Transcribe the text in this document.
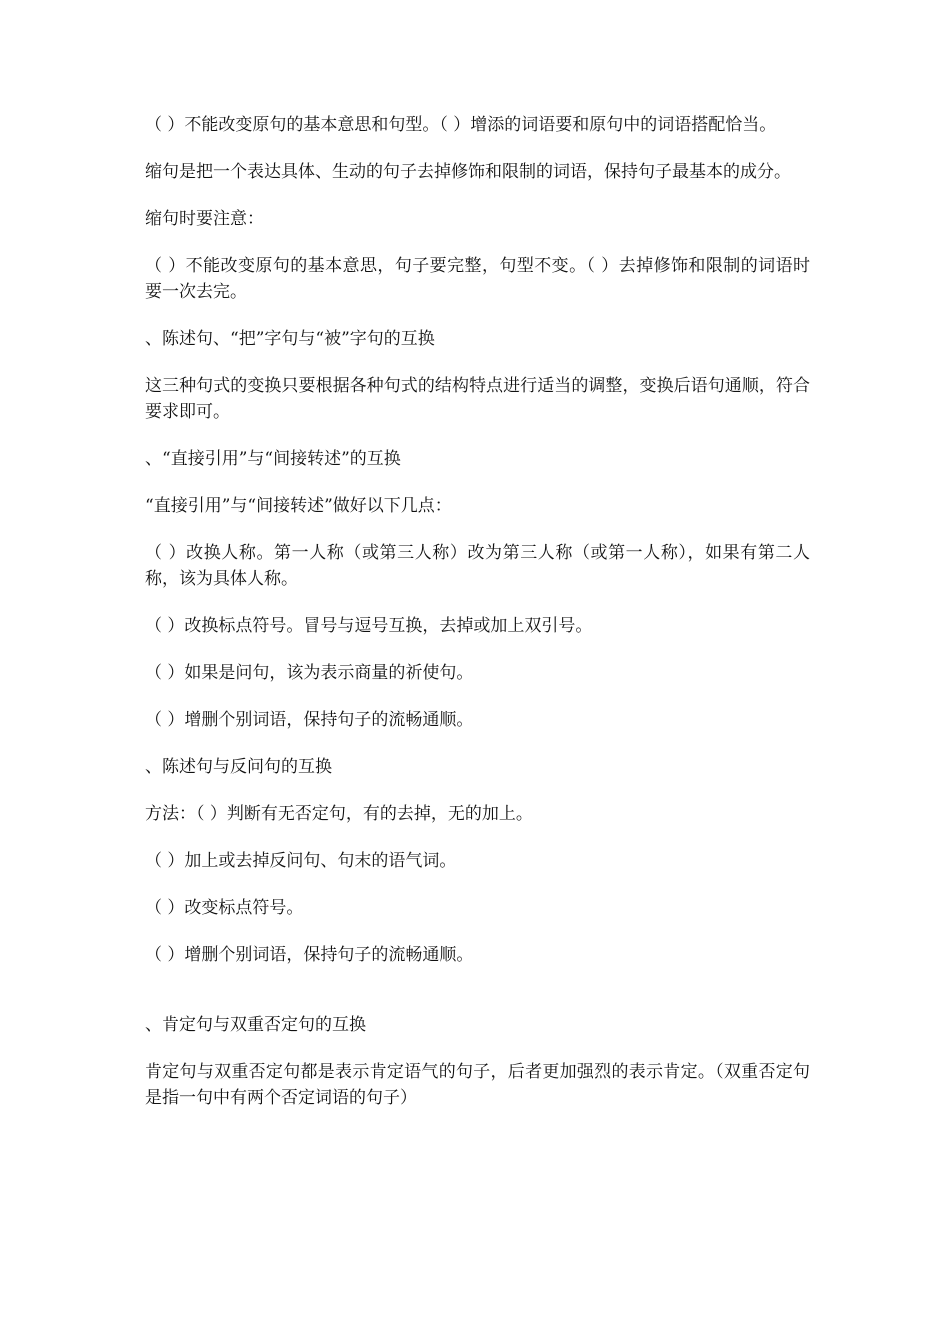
（ ）不能改变原句的基本意思和句型。（ ）增添的词语要和原句中的词语搭配恰当。

缩句是把一个表达具体、生动的句子去掉修饰和限制的词语，保持句子最基本的成分。

缩句时要注意：

（ ）不能改变原句的基本意思，句子要完整，句型不变。（ ）去掉修饰和限制的词语时要一次去完。

、陈述句、“把”字句与“被”字句的互换

这三种句式的变换只要根据各种句式的结构特点进行适当的调整，变换后语句通顺，符合要求即可。

、“直接引用”与“间接转述”的互换

“直接引用”与“间接转述”做好以下几点：

（ ）改换人称。第一人称（或第三人称）改为第三人称（或第一人称），如果有第二人称，该为具体人称。

（ ）改换标点符号。冒号与逗号互换，去掉或加上双引号。

（ ）如果是问句，该为表示商量的祈使句。

（ ）增删个别词语，保持句子的流畅通顺。

、陈述句与反问句的互换

方法：（ ）判断有无否定句，有的去掉，无的加上。

（ ）加上或去掉反问句、句末的语气词。

（ ）改变标点符号。

（ ）增删个别词语，保持句子的流畅通顺。

、肯定句与双重否定句的互换

肯定句与双重否定句都是表示肯定语气的句子，后者更加强烈的表示肯定。（双重否定句是指一句中有两个否定词语的句子）
